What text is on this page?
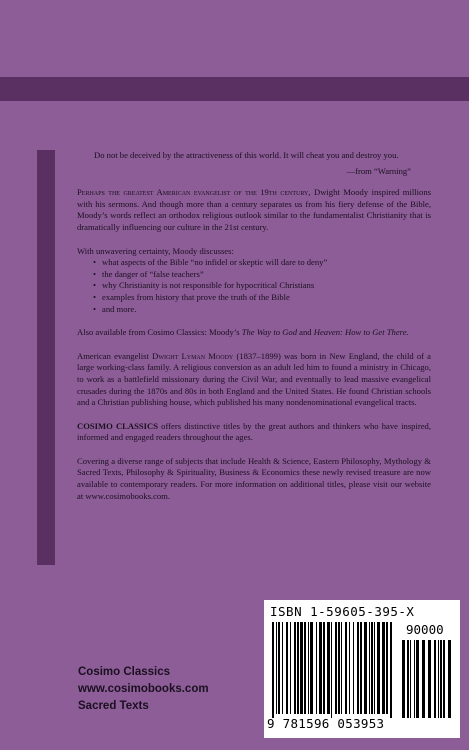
Do not be deceived by the attractiveness of this world. It will cheat you and destroy you.

—from “Warning”

Perhaps the greatest American evangelist of the 19th century, Dwight Moody inspired millions with his sermons. And though more than a century separates us from his fiery defense of the Bible, Moody’s words reflect an orthodox religious outlook similar to the fundamentalist Christianity that is dramatically influencing our culture in the 21st century.

With unwavering certainty, Moody discusses:

• what aspects of the Bible “no infidel or skeptic will dare to deny”
• the danger of “false teachers”
• why Christianity is not responsible for hypocritical Christians
• examples from history that prove the truth of the Bible
• and more.

Also available from Cosimo Classics: Moody’s The Way to God and Heaven: How to Get There.

American evangelist Dwight Lyman Moody (1837–1899) was born in New England, the child of a large working-class family. A religious conversion as an adult led him to found a ministry in Chicago, to work as a battlefield missionary during the Civil War, and eventually to lead massive evangelical crusades during the 1870s and 80s in both England and the United States. He found Christian schools and a Christian publishing house, which published his many nondenominational evangelical tracts.

COSIMO CLASSICS offers distinctive titles by the great authors and thinkers who have inspired, informed and engaged readers throughout the ages.

Covering a diverse range of subjects that include Health & Science, Eastern Philosophy, Mythology & Sacred Texts, Philosophy & Spirituality, Business & Economics these newly revised treasure are now available to contemporary readers. For more information on additional titles, please visit our website at www.cosimobooks.com.

Cosimo Classics
www.cosimobooks.com
Sacred Texts
ISBN 1-59605-395-X
90000
9 781596 053953
